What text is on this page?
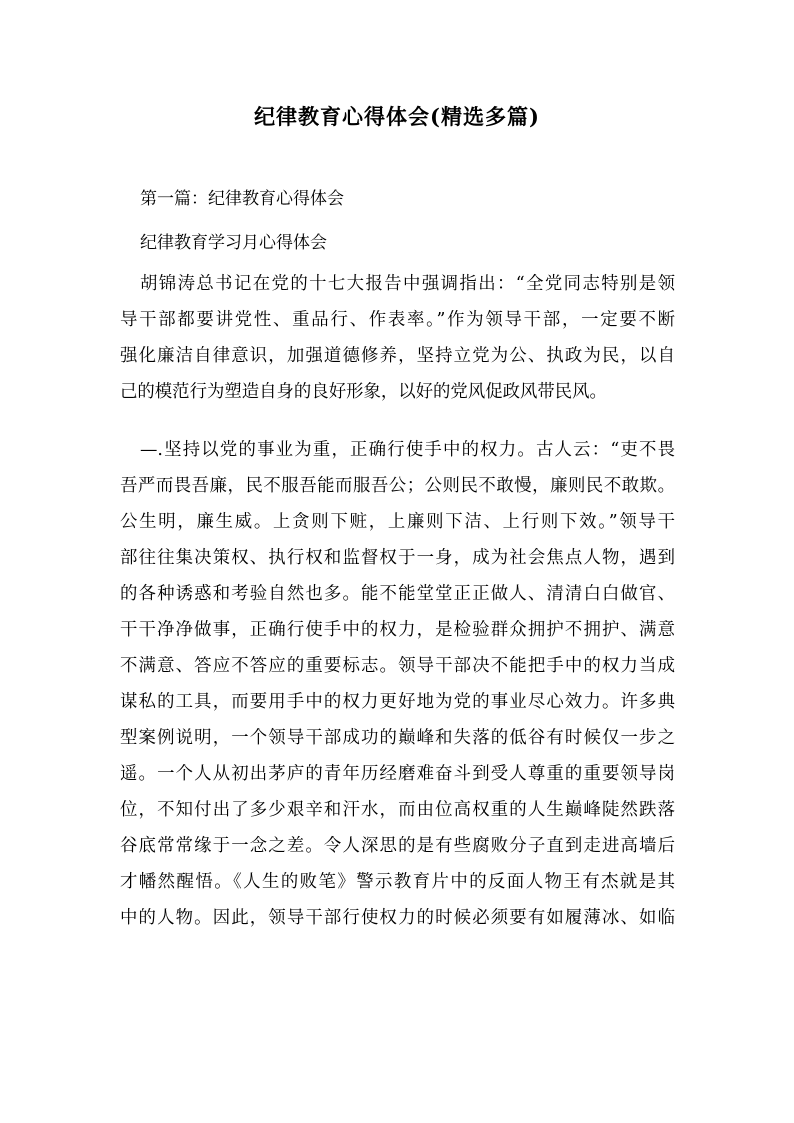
纪律教育心得体会(精选多篇)
第一篇：纪律教育心得体会
纪律教育学习月心得体会
胡锦涛总书记在党的十七大报告中强调指出：“全党同志特别是领
导干部都要讲党性、重品行、作表率。”作为领导干部，一定要不断
强化廉洁自律意识，加强道德修养，坚持立党为公、执政为民，以自
己的模范行为塑造自身的良好形象，以好的党风促政风带民风。
—.坚持以党的事业为重，正确行使手中的权力。古人云：“吏不畏
吾严而畏吾廉，民不服吾能而服吾公；公则民不敢慢，廉则民不敢欺。
公生明，廉生威。上贪则下赃，上廉则下洁、上行则下效。”领导干
部往往集决策权、执行权和监督权于一身，成为社会焦点人物，遇到
的各种诱惑和考验自然也多。能不能堂堂正正做人、清清白白做官、
干干净净做事，正确行使手中的权力，是检验群众拥护不拥护、满意
不满意、答应不答应的重要标志。领导干部决不能把手中的权力当成
谋私的工具，而要用手中的权力更好地为党的事业尽心效力。许多典
型案例说明，一个领导干部成功的巅峰和失落的低谷有时候仅一步之
遥。一个人从初出茅庐的青年历经磨难奋斗到受人尊重的重要领导岗
位，不知付出了多少艰辛和汗水，而由位高权重的人生巅峰陡然跌落
谷底常常缘于一念之差。令人深思的是有些腐败分子直到走进高墙后
才幡然醒悟。《人生的败笔》警示教育片中的反面人物王有杰就是其
中的人物。因此，领导干部行使权力的时候必须要有如履薄冰、如临
